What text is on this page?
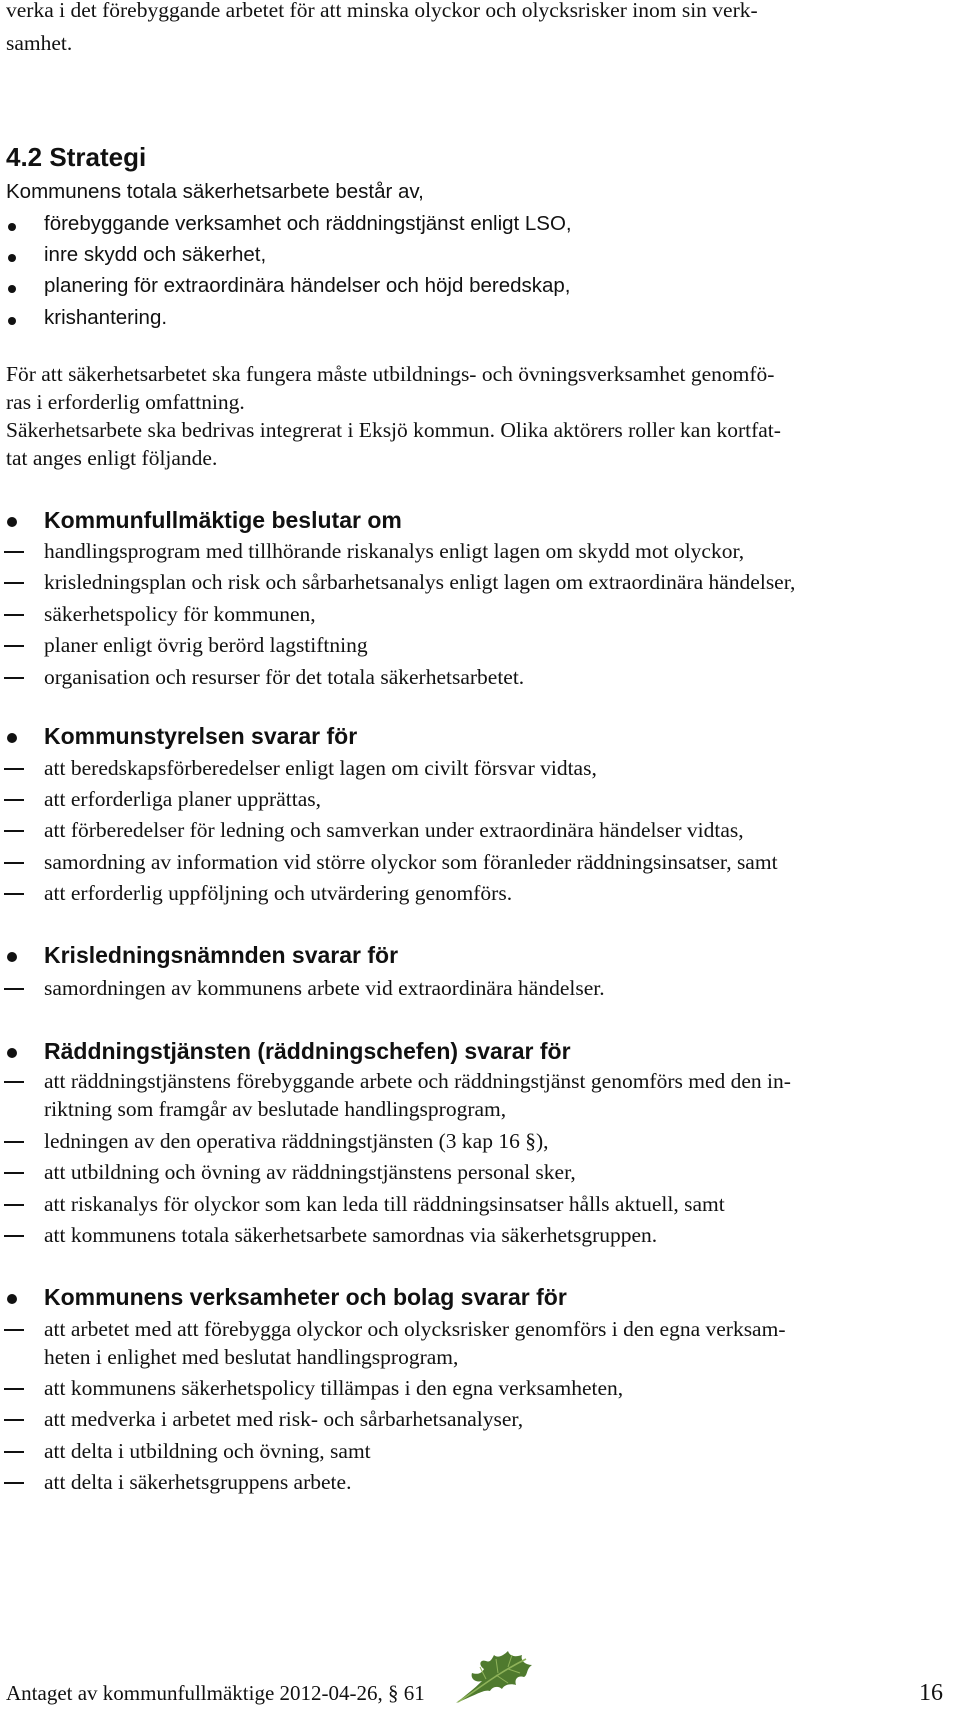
verka i det förebyggande arbetet för att minska olyckor och olycksrisker inom sin verk-
samhet.
4.2 Strategi
Kommunens totala säkerhetsarbete består av,
förebyggande verksamhet och räddningstjänst enligt LSO,
inre skydd och säkerhet,
planering för extraordinära händelser och höjd beredskap,
krishantering.
För att säkerhetsarbetet ska fungera måste utbildnings- och övningsverksamhet genomfö-
ras i erforderlig omfattning.
Säkerhetsarbete ska bedrivas integrerat i Eksjö kommun. Olika aktörers roller kan kortfat-
tat anges enligt följande.
Kommunfullmäktige beslutar om
handlingsprogram med tillhörande riskanalys enligt lagen om skydd mot olyckor,
krisledningsplan och risk och sårbarhetsanalys enligt lagen om extraordinära händelser,
säkerhetspolicy för kommunen,
planer enligt övrig berörd lagstiftning
organisation och resurser för det totala säkerhetsarbetet.
Kommunstyrelsen svarar för
att beredskapsförberedelser enligt lagen om civilt försvar vidtas,
att erforderliga planer upprättas,
att förberedelser för ledning och samverkan under extraordinära händelser vidtas,
samordning av information vid större olyckor som föranleder räddningsinsatser, samt
att erforderlig uppföljning och utvärdering genomförs.
Krisledningsnämnden svarar för
samordningen av kommunens arbete vid extraordinära händelser.
Räddningstjänsten (räddningschefen) svarar för
att räddningstjänstens förebyggande arbete och räddningstjänst genomförs med den in-
riktning som framgår av beslutade handlingsprogram,
ledningen av den operativa räddningstjänsten (3 kap 16 §),
att utbildning och övning av räddningstjänstens personal sker,
att riskanalys för olyckor som kan leda till räddningsinsatser hålls aktuell, samt
att kommunens totala säkerhetsarbete samordnas via säkerhetsgruppen.
Kommunens verksamheter och bolag svarar för
att arbetet med att förebygga olyckor och olycksrisker genomförs i den egna verksam-
heten i enlighet med beslutat handlingsprogram,
att kommunens säkerhetspolicy tillämpas i den egna verksamheten,
att medverka i arbetet med risk- och sårbarhetsanalyser,
att delta i utbildning och övning, samt
att delta i säkerhetsgruppens arbete.
Antaget av kommunfullmäktige 2012-04-26, § 61	16
